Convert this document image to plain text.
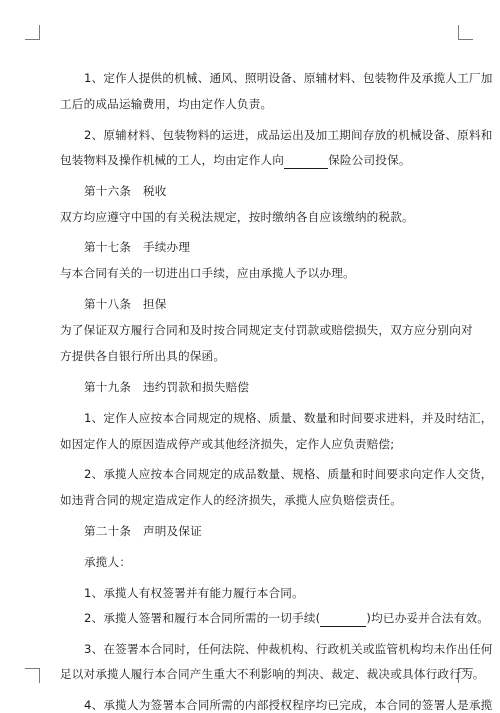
1、定作人提供的机械、通风、照明设备、原辅材料、包装物件及承揽人工厂加
工后的成品运输费用，均由定作人负责。
2、原辅材料、包装物料的运进，成品运出及加工期间存放的机械设备、原料和
包装物料及操作机械的工人，均由定作人向	保险公司投保。
第十六条　税收
双方均应遵守中国的有关税法规定，按时缴纳各自应该缴纳的税款。
第十七条　手续办理
与本合同有关的一切进出口手续，应由承揽人予以办理。
第十八条　担保
为了保证双方履行合同和及时按合同规定支付罚款或赔偿损失，双方应分别向对
方提供各自银行所出具的保函。
第十九条　违约罚款和损失赔偿
1、定作人应按本合同规定的规格、质量、数量和时间要求进料，并及时结汇，
如因定作人的原因造成停产或其他经济损失，定作人应负责赔偿;
2、承揽人应按本合同规定的成品数量、规格、质量和时间要求向定作人交货，
如违背合同的规定造成定作人的经济损失，承揽人应负赔偿责任。
第二十条　声明及保证
承揽人：
1、承揽人有权签署并有能力履行本合同。
2、承揽人签署和履行本合同所需的一切手续(	)均已办妥并合法有效。
3、在签署本合同时，任何法院、仲裁机构、行政机关或监管机构均未作出任何
足以对承揽人履行本合同产生重大不利影响的判决、裁定、裁决或具体行政行为。
4、承揽人为签署本合同所需的内部授权程序均已完成，本合同的签署人是承揽
